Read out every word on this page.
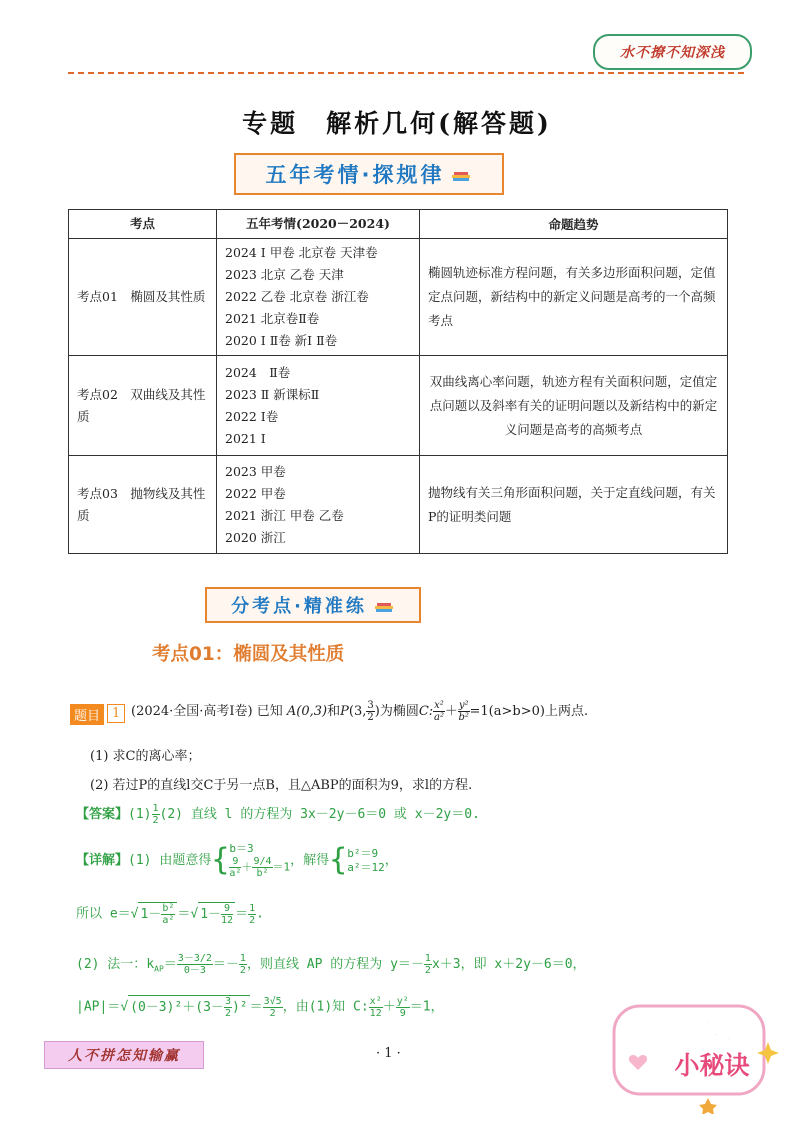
水不撩不知深浅
专题　解析几何(解答题)
五年考情·探规律
考点	五年考情(2020－2024)	命题趋势
考点01　椭圆及其性质	2024 Ⅰ 甲卷 北京卷 天津卷
2023 北京 乙卷 天津
2022 乙卷 北京卷 浙江卷
2021 北京卷Ⅱ卷
2020 Ⅰ Ⅱ卷 新Ⅰ Ⅱ卷	椭圆轨迹标准方程问题，有关多边形面积问题，定值定点问题，新结构中的新定义问题是高考的一个高频考点
考点02　双曲线及其性质	2024　Ⅱ卷
2023 Ⅱ 新课标Ⅱ
2022 Ⅰ卷
2021 Ⅰ	双曲线离心率问题，轨迹方程有关面积问题，定值定点问题以及斜率有关的证明问题以及新结构中的新定义问题是高考的高频考点
考点03　抛物线及其性质	2023 甲卷
2022 甲卷
2021 浙江 甲卷 乙卷
2020 浙江	抛物线有关三角形面积问题，关于定直线问题，有关P的证明类问题
分考点·精准练
考点01：椭圆及其性质
题目 1 (2024·全国·高考Ⅰ卷) 已知 A(0,3)和P(3, $\frac{3}{2}$ )为椭圆C: $\frac{\text{x²}}{\text{a²}} + \frac{\text{y²}}{\text{b²}} =1(a>b>0)$上两点.
(1) 求C的离心率；
(2) 若过P的直线l交C于另一点B，且△ABP的面积为9，求l的方程.
【答案】$(1) \frac{1}{2} (2)$ 直线 l 的方程为 3x－2y－6＝0 或 x－2y＝0.
【详解】(1) 由题意得{ b＝3
$\frac{9}{\text{a²}} + \frac{9/4}{\text{b²}} =1$ ，解得{ b²＝9
a²＝12 ，
所以 e＝√ $1- \frac{\text{b²}}{\text{a²}}$ ＝√ $1- \frac{9}{12} = \frac{1}{2}$ .
(2) 法一：$k_{AP}= \frac{3-3/2}{0-3} =- \frac{1}{2}$ ，则直线 AP 的方程为 $y=- \frac{1}{2} x+3$，即 x＋2y－6＝0，
|AP|＝√ $(0-3)^2+(3- \frac{3}{2} )^2 = \frac{3√5}{2}$ ，由(1)知 C: $\frac{\text{x²}}{12} + \frac{\text{y²}}{9} =1$，
人不拼怎知输赢	· 1 ·
高中学习
小秘诀
